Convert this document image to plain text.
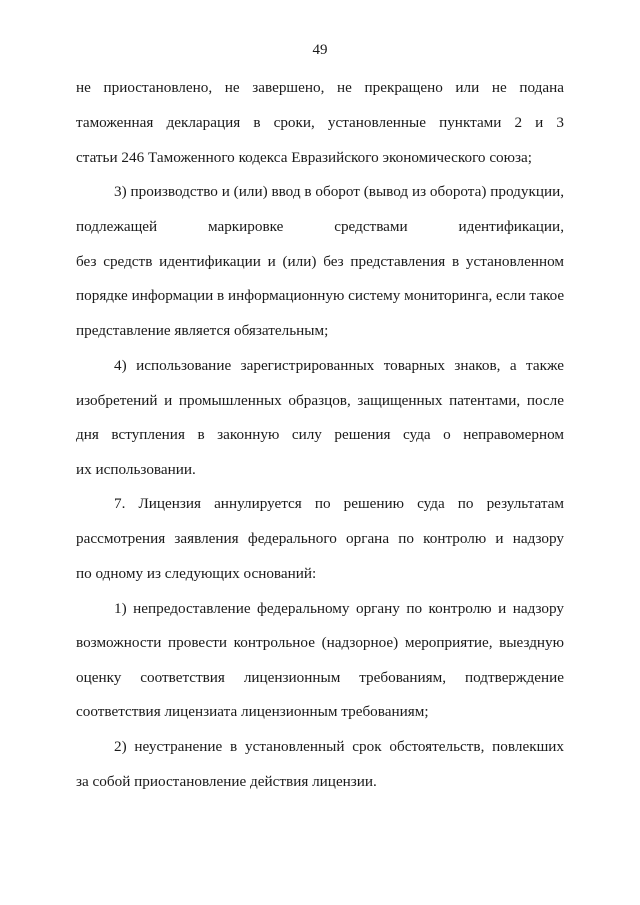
49
не приостановлено, не завершено, не прекращено или не подана
таможенная декларация в сроки, установленные пунктами 2 и 3
статьи 246 Таможенного кодекса Евразийского экономического союза;
3) производство и (или) ввод в оборот (вывод из оборота) продукции,
подлежащей маркировке средствами идентификации,
без средств идентификации и (или) без представления в установленном
порядке информации в информационную систему мониторинга, если такое
представление является обязательным;
4) использование зарегистрированных товарных знаков, а также
изобретений и промышленных образцов, защищенных патентами, после
дня вступления в законную силу решения суда о неправомерном
их использовании.
7. Лицензия аннулируется по решению суда по результатам
рассмотрения заявления федерального органа по контролю и надзору
по одному из следующих оснований:
1) непредоставление федеральному органу по контролю и надзору
возможности провести контрольное (надзорное) мероприятие, выездную
оценку соответствия лицензионным требованиям, подтверждение
соответствия лицензиата лицензионным требованиям;
2) неустранение в установленный срок обстоятельств, повлекших
за собой приостановление действия лицензии.
